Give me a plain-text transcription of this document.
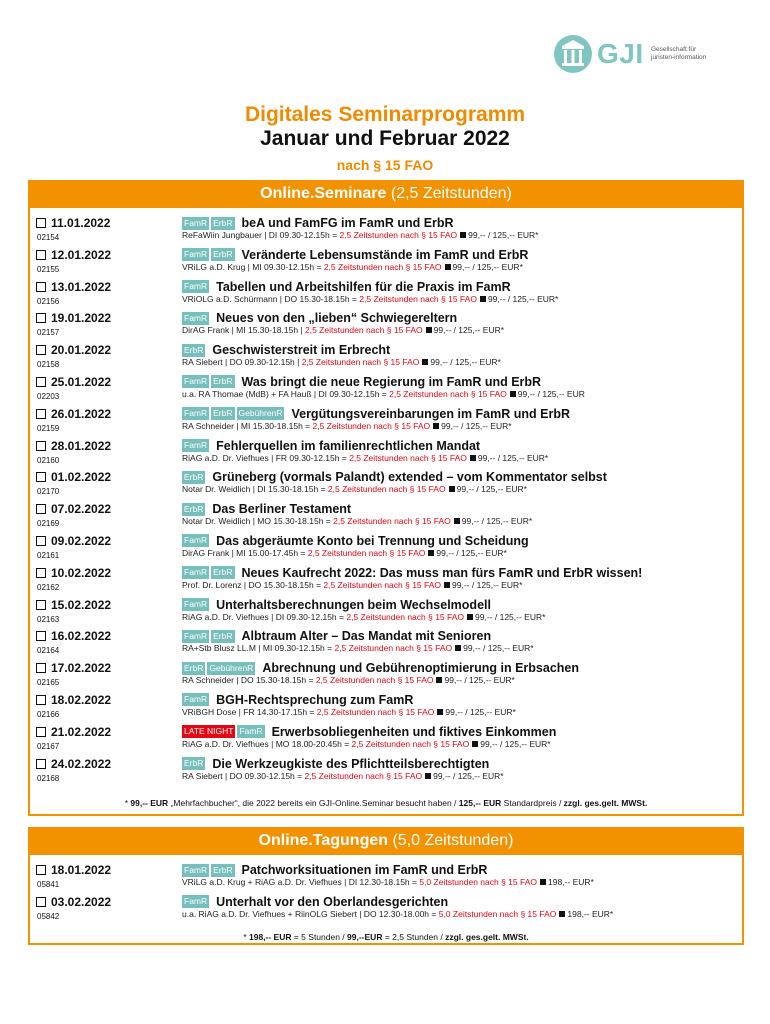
GJI Gesellschaft für
juristen-information
Digitales Seminarprogramm
Januar und Februar 2022
nach § 15 FAO
Online.Seminare (2,5 Zeitstunden)
11.01.2022
02154
FamR ErbR beA und FamFG im FamR und ErbR
ReFaWiin Jungbauer | DI 09.30-12.15h = 2,5 Zeitstunden nach § 15 FAO 99,-- / 125,-- EUR*
12.01.2022
02155
FamR ErbR Veränderte Lebensumstände im FamR und ErbR
VRiLG a.D. Krug | MI 09.30-12.15h = 2,5 Zeitstunden nach § 15 FAO 99,-- / 125,-- EUR*
13.01.2022
02156
FamR Tabellen und Arbeitshilfen für die Praxis im FamR
VRiOLG a.D. Schürmann | DO 15.30-18.15h = 2,5 Zeitstunden nach § 15 FAO 99,-- / 125,-- EUR*
19.01.2022
02157
FamR Neues von den „lieben“ Schwiegereltern
DirAG Frank | MI 15.30-18.15h | 2,5 Zeitstunden nach § 15 FAO 99,-- / 125,-- EUR*
20.01.2022
02158
ErbR Geschwisterstreit im Erbrecht
RA Siebert | DO 09.30-12.15h | 2,5 Zeitstunden nach § 15 FAO 99,-- / 125,-- EUR*
25.01.2022
02203
FamR ErbR Was bringt die neue Regierung im FamR und ErbR
u.a. RA Thomae (MdB) + FA Hauß | DI 09.30-12.15h = 2,5 Zeitstunden nach § 15 FAO 99,-- / 125,-- EUR
26.01.2022
02159
FamR ErbR GebührenR Vergütungsvereinbarungen im FamR und ErbR
RA Schneider | MI 15.30-18.15h = 2,5 Zeitstunden nach § 15 FAO 99,-- / 125,-- EUR*
28.01.2022
02160
FamR Fehlerquellen im familienrechtlichen Mandat
RiAG a.D. Dr. Viefhues | FR 09.30-12.15h = 2,5 Zeitstunden nach § 15 FAO 99,-- / 125,-- EUR*
01.02.2022
02170
ErbR Grüneberg (vormals Palandt) extended – vom Kommentator selbst
Notar Dr. Weidlich | DI 15.30-18.15h = 2,5 Zeitstunden nach § 15 FAO 99,-- / 125,-- EUR*
07.02.2022
02169
ErbR Das Berliner Testament
Notar Dr. Weidlich | MO 15.30-18.15h = 2,5 Zeitstunden nach § 15 FAO 99,-- / 125,-- EUR*
09.02.2022
02161
FamR Das abgeräumte Konto bei Trennung und Scheidung
DirAG Frank | MI 15.00-17.45h = 2,5 Zeitstunden nach § 15 FAO 99,-- / 125,-- EUR*
10.02.2022
02162
FamR ErbR Neues Kaufrecht 2022: Das muss man fürs FamR und ErbR wissen!
Prof. Dr. Lorenz | DO 15.30-18.15h = 2,5 Zeitstunden nach § 15 FAO 99,-- / 125,-- EUR*
15.02.2022
02163
FamR Unterhaltsberechnungen beim Wechselmodell
RiAG a.D. Dr. Viefhues | DI 09.30-12.15h = 2,5 Zeitstunden nach § 15 FAO 99,-- / 125,-- EUR*
16.02.2022
02164
FamR ErbR Albtraum Alter – Das Mandat mit Senioren
RA+Stb Blusz LL.M | MI 09.30-12.15h = 2,5 Zeitstunden nach § 15 FAO 99,-- / 125,-- EUR*
17.02.2022
02165
ErbR GebührenR Abrechnung und Gebührenoptimierung in Erbsachen
RA Schneider | DO 15.30-18.15h = 2,5 Zeitstunden nach § 15 FAO 99,-- / 125,-- EUR*
18.02.2022
02166
FamR BGH-Rechtsprechung zum FamR
VRiBGH Dose | FR 14.30-17.15h = 2,5 Zeitstunden nach § 15 FAO 99,-- / 125,-- EUR*
21.02.2022
02167
LATE NIGHT FamR Erwerbsobliegenheiten und fiktives Einkommen
RiAG a.D. Dr. Viefhues | MO 18.00-20.45h = 2,5 Zeitstunden nach § 15 FAO 99,-- / 125,-- EUR*
24.02.2022
02168
ErbR Die Werkzeugkiste des Pflichtteilsberechtigten
RA Siebert | DO 09.30-12.15h = 2,5 Zeitstunden nach § 15 FAO 99,-- / 125,-- EUR*
* 99,-- EUR „Mehrfachbucher“, die 2022 bereits ein GJI-Online.Seminar besucht haben / 125,-- EUR Standardpreis / zzgl. ges.gelt. MWSt.
Online.Tagungen (5,0 Zeitstunden)
18.01.2022
05841
FamR ErbR Patchworksituationen im FamR und ErbR
VRiLG a.D. Krug + RiAG a.D. Dr. Viefhues | DI 12.30-18.15h = 5,0 Zeitstunden nach § 15 FAO 198,-- EUR*
03.02.2022
05842
FamR Unterhalt vor den Oberlandesgerichten
u.a. RiAG a.D. Dr. Viefhues + RiinOLG Siebert | DO 12.30-18.00h = 5,0 Zeitstunden nach § 15 FAO 198,-- EUR*
* 198,-- EUR = 5 Stunden / 99,--EUR = 2,5 Stunden / zzgl. ges.gelt. MWSt.
